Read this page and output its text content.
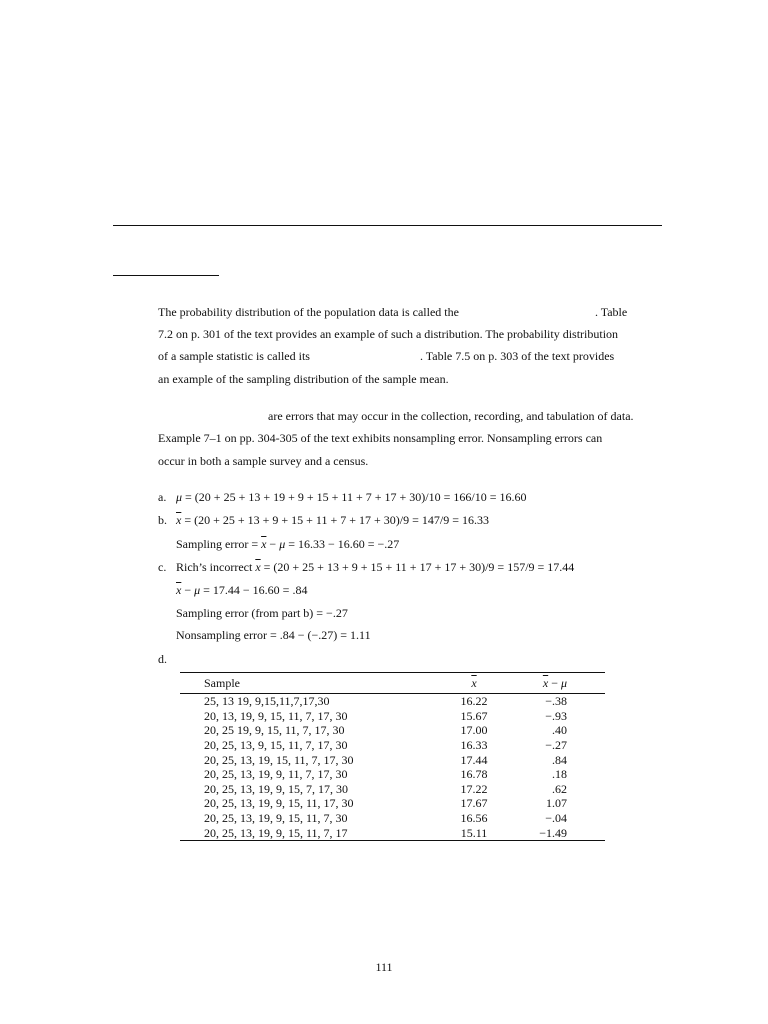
The probability distribution of the population data is called the	. Table
7.2 on p. 301 of the text provides an example of such a distribution. The probability distribution
of a sample statistic is called its	. Table 7.5 on p. 303 of the text provides
an example of the sampling distribution of the sample mean.
are errors that may occur in the collection, recording, and tabulation of data.
Example 7–1 on pp. 304-305 of the text exhibits nonsampling error. Nonsampling errors can
occur in both a sample survey and a census.
a. μ = (20 + 25 + 13 + 19 + 9 + 15 + 11 + 7 + 17 + 30)/10 = 166/10 = 16.60
b. $\overline{x} = (20 + 25 + 13 + 9 + 15 + 11 + 7 + 17 + 30)/9 = 147/9 = 16.33$
Sampling error = $\overline{x} - \mu = 16.33 - 16.60 = -.27$
c. Rich’s incorrect $\overline{x} = (20 + 25 + 13 + 9 + 15 + 11 + 17 + 17 + 30)/9 = 157/9 = 17.44$
$\overline{x} - \mu = 17.44 - 16.60 = .84$
Sampling error (from part b) = −.27
Nonsampling error = .84 − (−.27) = 1.11
d.
Sample	$\overline{x}$	$\overline{x} - \mu$
25, 13 19, 9,15,11,7,17,30	16.22	−.38
20, 13, 19, 9, 15, 11, 7, 17, 30	15.67	−.93
20, 25 19, 9, 15, 11, 7, 17, 30	17.00	.40
20, 25, 13, 9, 15, 11, 7, 17, 30	16.33	−.27
20, 25, 13, 19, 15, 11, 7, 17, 30	17.44	.84
20, 25, 13, 19, 9, 11, 7, 17, 30	16.78	.18
20, 25, 13, 19, 9, 15, 7, 17, 30	17.22	.62
20, 25, 13, 19, 9, 15, 11, 17, 30	17.67	1.07
20, 25, 13, 19, 9, 15, 11, 7, 30	16.56	−.04
20, 25, 13, 19, 9, 15, 11, 7, 17	15.11	−1.49
111
